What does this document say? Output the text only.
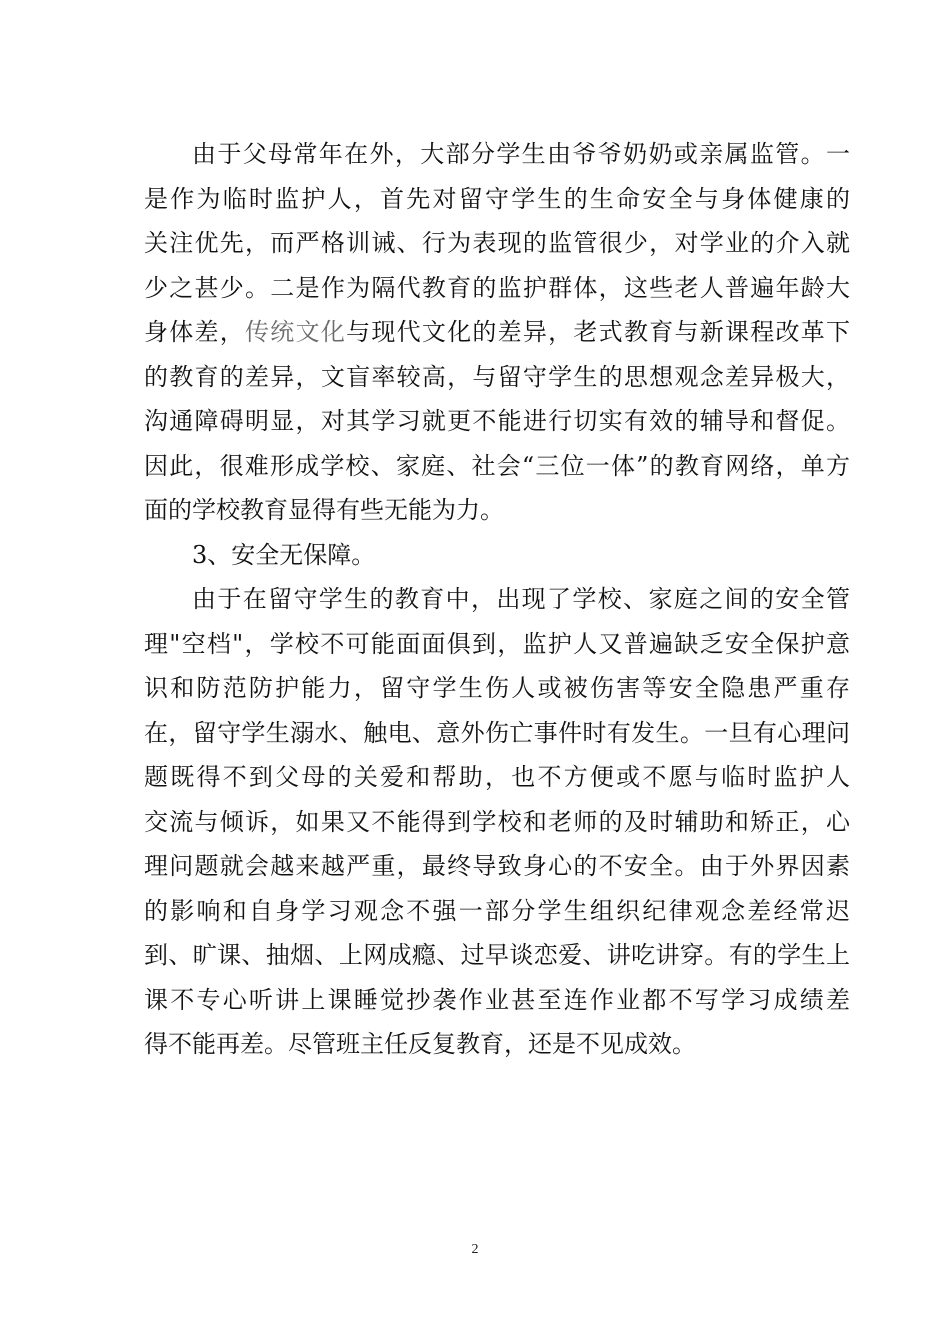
由于父母常年在外，大部分学生由爷爷奶奶或亲属监管。一
是作为临时监护人，首先对留守学生的生命安全与身体健康的
关注优先，而严格训诫、行为表现的监管很少，对学业的介入就
少之甚少。二是作为隔代教育的监护群体，这些老人普遍年龄大
身体差，传统文化与现代文化的差异，老式教育与新课程改革下
的教育的差异，文盲率较高，与留守学生的思想观念差异极大，
沟通障碍明显，对其学习就更不能进行切实有效的辅导和督促。
因此，很难形成学校、家庭、社会“三位一体”的教育网络，单方
面的学校教育显得有些无能为力。
3、安全无保障。
由于在留守学生的教育中，出现了学校、家庭之间的安全管
理"空档"，学校不可能面面俱到，监护人又普遍缺乏安全保护意
识和防范防护能力，留守学生伤人或被伤害等安全隐患严重存
在，留守学生溺水、触电、意外伤亡事件时有发生。一旦有心理问
题既得不到父母的关爱和帮助，也不方便或不愿与临时监护人
交流与倾诉，如果又不能得到学校和老师的及时辅助和矫正，心
理问题就会越来越严重，最终导致身心的不安全。由于外界因素
的影响和自身学习观念不强一部分学生组织纪律观念差经常迟
到、旷课、抽烟、上网成瘾、过早谈恋爱、讲吃讲穿。有的学生上
课不专心听讲上课睡觉抄袭作业甚至连作业都不写学习成绩差
得不能再差。尽管班主任反复教育，还是不见成效。
2
